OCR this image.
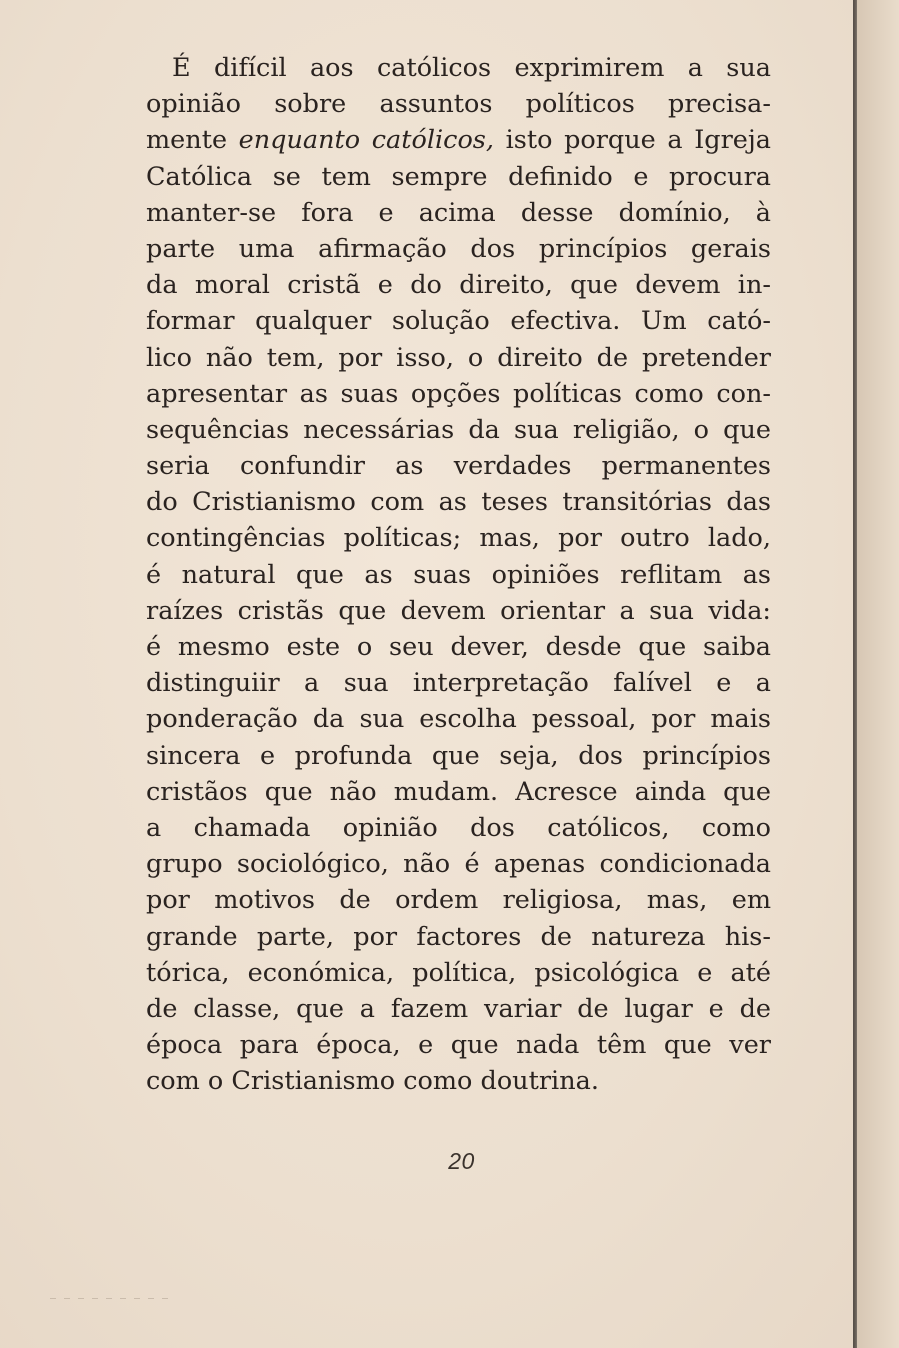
É difícil aos católicos exprimirem a sua
opinião sobre assuntos políticos precisa-
mente enquanto católicos, isto porque a Igreja
Católica se tem sempre definido e procura
manter-se fora e acima desse domínio, à
parte uma afirmação dos princípios gerais
da moral cristã e do direito, que devem in-
formar qualquer solução efectiva. Um cató-
lico não tem, por isso, o direito de pretender
apresentar as suas opções políticas como con-
sequências necessárias da sua religião, o que
seria confundir as verdades permanentes
do Cristianismo com as teses transitórias das
contingências políticas; mas, por outro lado,
é natural que as suas opiniões reflitam as
raízes cristãs que devem orientar a sua vida:
é mesmo este o seu dever, desde que saiba
distinguiir a sua interpretação falível e a
ponderação da sua escolha pessoal, por mais
sincera e profunda que seja, dos princípios
cristãos que não mudam. Acresce ainda que
a chamada opinião dos católicos, como
grupo sociológico, não é apenas condicionada
por motivos de ordem religiosa, mas, em
grande parte, por factores de natureza his-
tórica, económica, política, psicológica e até
de classe, que a fazem variar de lugar e de
época para época, e que nada têm que ver
com o Cristianismo como doutrina.
20
